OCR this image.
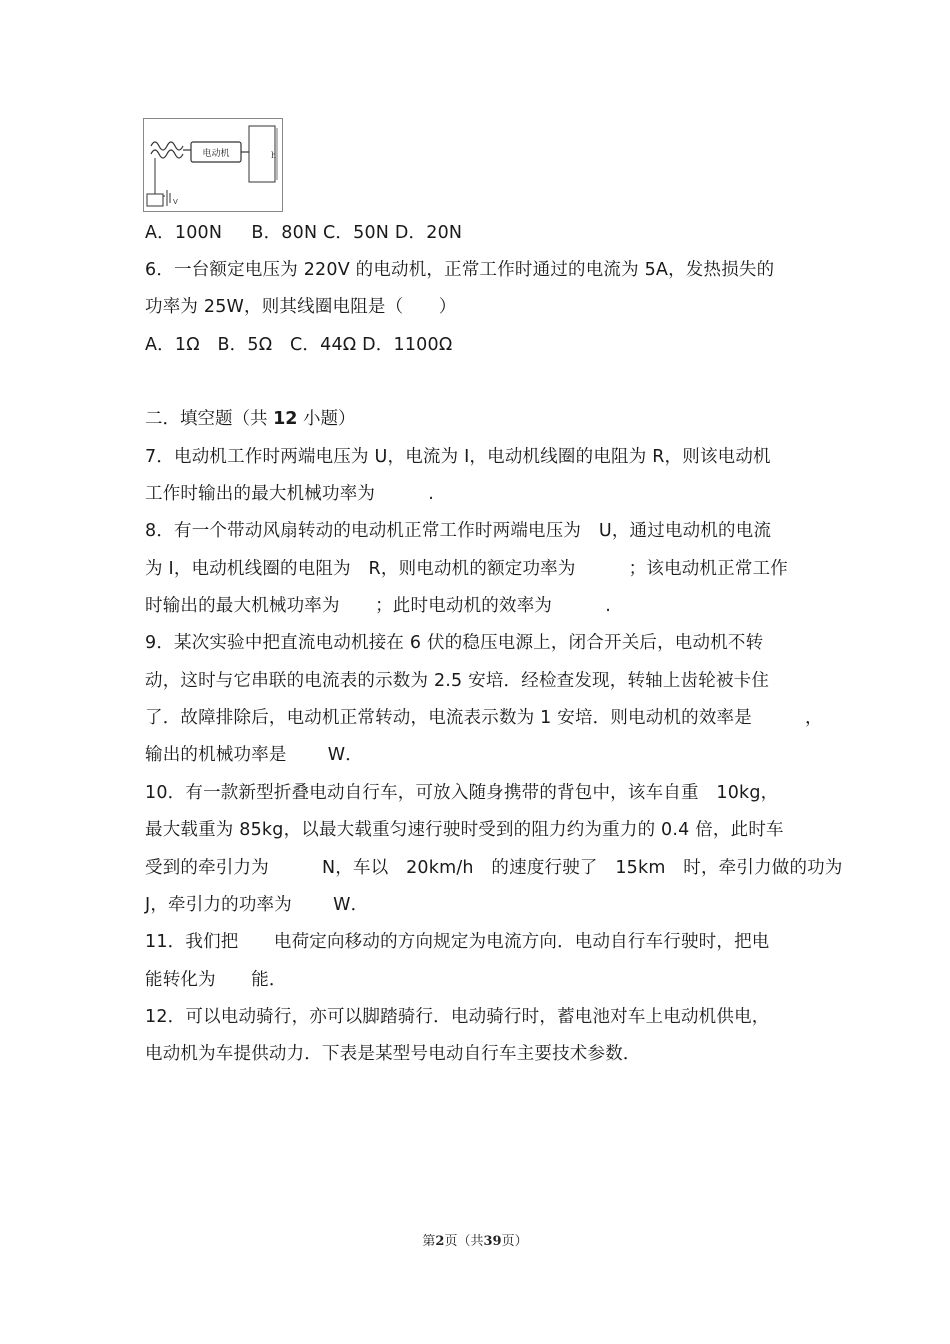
电动机	h
V
A．100N　  B．80N C．50N D．20N
6．一台额定电压为 220V 的电动机，正常工作时通过的电流为 5A，发热损失的
功率为 25W，则其线圈电阻是（　　）
A．1Ω　B．5Ω　C．44Ω D．1100Ω
二．填空题（共 12 小题）
7．电动机工作时两端电压为 U，电流为 I，电动机线圈的电阻为 R，则该电动机
工作时输出的最大机械功率为　　　.
8．有一个带动风扇转动的电动机正常工作时两端电压为　U，通过电动机的电流
为 I，电动机线圈的电阻为　R，则电动机的额定功率为　　　；该电动机正常工作
时输出的最大机械功率为　　；此时电动机的效率为　　　.
9．某次实验中把直流电动机接在 6 伏的稳压电源上，闭合开关后，电动机不转
动，这时与它串联的电流表的示数为 2.5 安培．经检查发现，转轴上齿轮被卡住
了．故障排除后，电动机正常转动，电流表示数为 1 安培．则电动机的效率是　　　，
输出的机械功率是　　 W．
10．有一款新型折叠电动自行车，可放入随身携带的背包中，该车自重　10kg，
最大载重为 85kg，以最大载重匀速行驶时受到的阻力约为重力的 0.4 倍，此时车
受到的牵引力为　　　N，车以　20km/h　的速度行驶了　15km　时，牵引力做的功为
J，牵引力的功率为　　 W．
11．我们把　　电荷定向移动的方向规定为电流方向．电动自行车行驶时，把电
能转化为　　能．
12．可以电动骑行，亦可以脚踏骑行．电动骑行时，蓄电池对车上电动机供电，
电动机为车提供动力．下表是某型号电动自行车主要技术参数．
第2页（共39页）
